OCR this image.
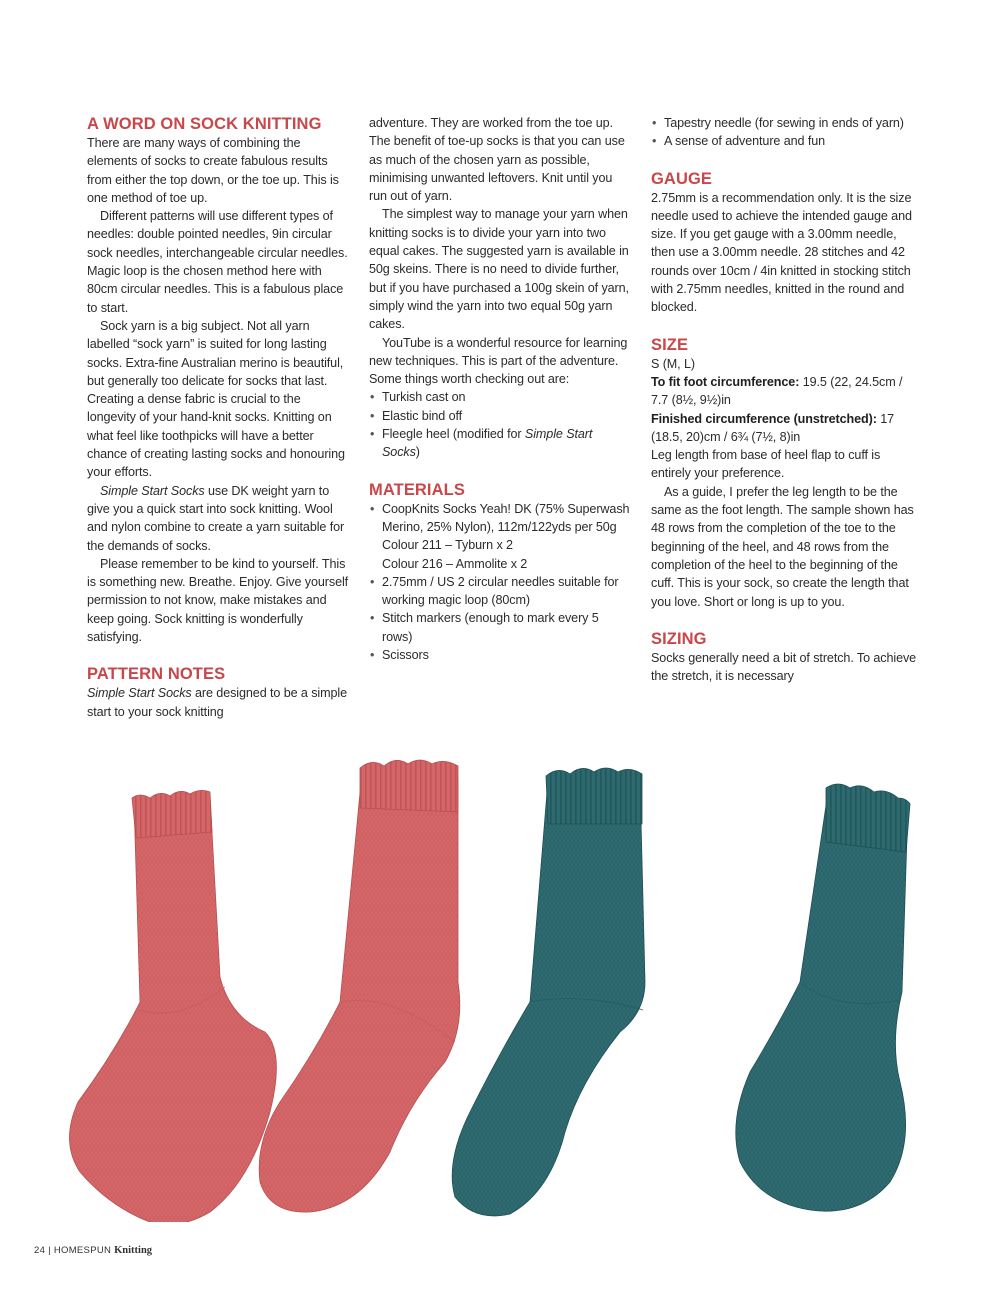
A WORD ON SOCK KNITTING

There are many ways of combining the elements of socks to create fabulous results from either the top down, or the toe up. This is one method of toe up.

Different patterns will use different types of needles: double pointed needles, 9in circular sock needles, interchangeable circular needles. Magic loop is the chosen method here with 80cm circular needles. This is a fabulous place to start.

Sock yarn is a big subject. Not all yarn labelled “sock yarn” is suited for long lasting socks. Extra-fine Australian merino is beautiful, but generally too delicate for socks that last. Creating a dense fabric is crucial to the longevity of your hand-knit socks. Knitting on what feel like toothpicks will have a better chance of creating lasting socks and honouring your efforts.

Simple Start Socks use DK weight yarn to give you a quick start into sock knitting. Wool and nylon combine to create a yarn suitable for the demands of socks.

Please remember to be kind to yourself. This is something new. Breathe. Enjoy. Give yourself permission to not know, make mistakes and keep going. Sock knitting is wonderfully satisfying.

PATTERN NOTES

Simple Start Socks are designed to be a simple start to your sock knitting

adventure. They are worked from the toe up. The benefit of toe-up socks is that you can use as much of the chosen yarn as possible, minimising unwanted leftovers. Knit until you run out of yarn.

The simplest way to manage your yarn when knitting socks is to divide your yarn into two equal cakes. The suggested yarn is available in 50g skeins. There is no need to divide further, but if you have purchased a 100g skein of yarn, simply wind the yarn into two equal 50g yarn cakes.

YouTube is a wonderful resource for learning new techniques. This is part of the adventure.

Some things worth checking out are:

• Turkish cast on
• Elastic bind off
• Fleegle heel (modified for Simple Start Socks)
MATERIALS
• CoopKnits Socks Yeah! DK (75% Superwash Merino, 25% Nylon), 112m/122yds per 50g
Colour 211 – Tyburn x 2
Colour 216 – Ammolite x 2
• 2.75mm / US 2 circular needles suitable for working magic loop (80cm)
• Stitch markers (enough to mark every 5 rows)
• Scissors
• Tapestry needle (for sewing in ends of yarn)
• A sense of adventure and fun
GAUGE

2.75mm is a recommendation only. It is the size needle used to achieve the intended gauge and size. If you get gauge with a 3.00mm needle, then use a 3.00mm needle. 28 stitches and 42 rounds over 10cm / 4in knitted in stocking stitch with 2.75mm needles, knitted in the round and blocked.

SIZE

S (M, L)

To fit foot circumference: 19.5 (22, 24.5cm / 7.7 (8½, 9½)in

Finished circumference (unstretched): 17 (18.5, 20)cm / 6¾ (7½, 8)in

Leg length from base of heel flap to cuff is entirely your preference.

As a guide, I prefer the leg length to be the same as the foot length. The sample shown has 48 rows from the completion of the toe to the beginning of the heel, and 48 rows from the completion of the heel to the beginning of the cuff. This is your sock, so create the length that you love. Short or long is up to you.

SIZING

Socks generally need a bit of stretch. To achieve the stretch, it is necessary

24 | HOMESPUN Knitting
